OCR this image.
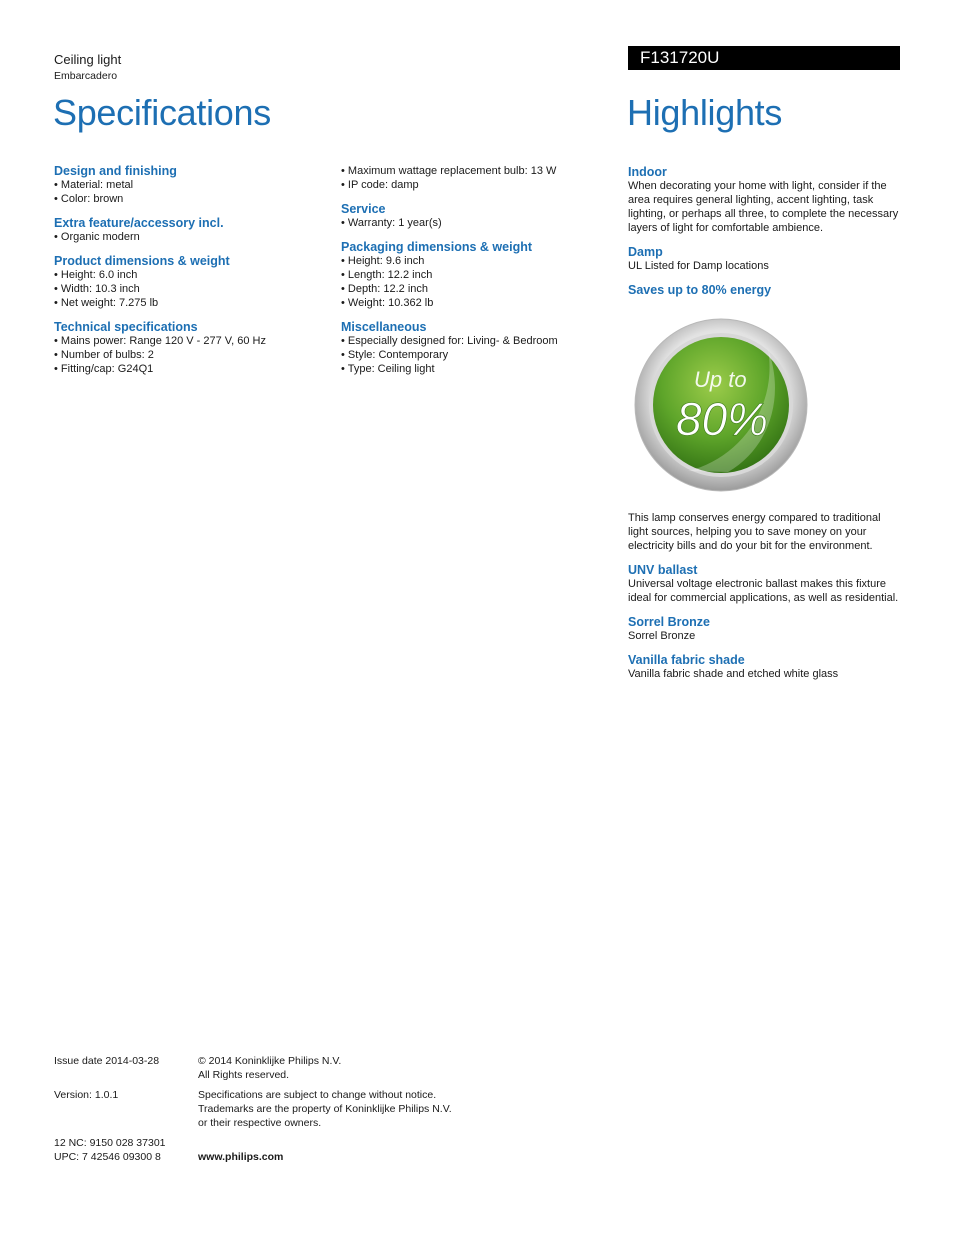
Ceiling light
Embarcadero
F131720U
Specifications	Highlights
Design and finishing
• Material: metal
• Color: brown
Extra feature/accessory incl.
• Organic modern
Product dimensions & weight
• Height: 6.0 inch
• Width: 10.3 inch
• Net weight: 7.275 lb
Technical specifications
• Mains power: Range 120 V - 277 V, 60 Hz
• Number of bulbs: 2
• Fitting/cap: G24Q1
• Maximum wattage replacement bulb: 13 W
• IP code: damp
Service
• Warranty: 1 year(s)
Packaging dimensions & weight
• Height: 9.6 inch
• Length: 12.2 inch
• Depth: 12.2 inch
• Weight: 10.362 lb
Miscellaneous
• Especially designed for: Living- & Bedroom
• Style: Contemporary
• Type: Ceiling light
Indoor
When decorating your home with light, consider if the area requires general lighting, accent lighting, task lighting, or perhaps all three, to complete the necessary layers of light for comfortable ambience.
Damp
UL Listed for Damp locations
Saves up to 80% energy
Up to
80%
This lamp conserves energy compared to traditional light sources, helping you to save money on your electricity bills and do your bit for the environment.
UNV ballast
Universal voltage electronic ballast makes this fixture ideal for commercial applications, as well as residential.
Sorrel Bronze
Sorrel Bronze
Vanilla fabric shade
Vanilla fabric shade and etched white glass
Issue date 2014-03-28	© 2014 Koninklijke Philips N.V.
All Rights reserved.
Version: 1.0.1	Specifications are subject to change without notice.
Trademarks are the property of Koninklijke Philips N.V.
or their respective owners.
12 NC: 9150 028 37301
UPC: 7 42546 09300 8	www.philips.com
